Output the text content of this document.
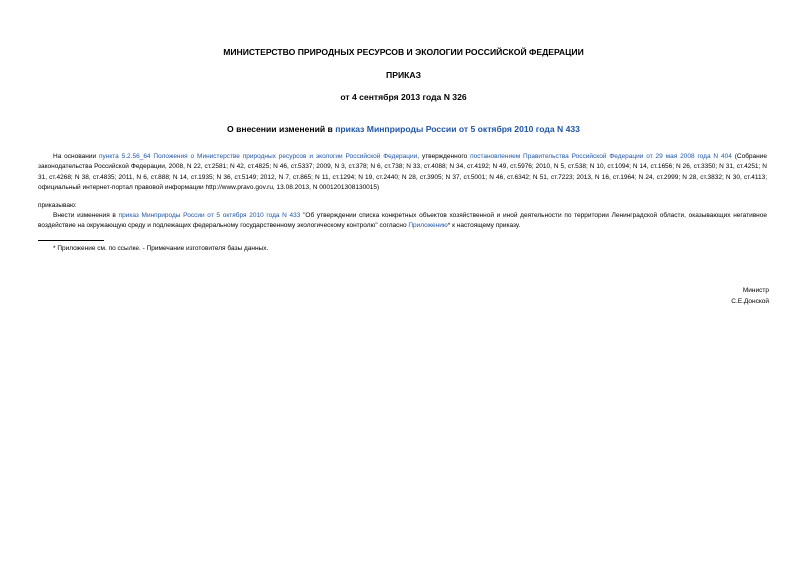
МИНИСТЕРСТВО ПРИРОДНЫХ РЕСУРСОВ И ЭКОЛОГИИ РОССИЙСКОЙ ФЕДЕРАЦИИ
ПРИКАЗ
от 4 сентября 2013 года N 326
О внесении изменений в приказ Минприроды России от 5 октября 2010 года N 433

На основании пункта 5.2.56_64 Положения о Министерстве природных ресурсов и экологии Российской Федерации, утвержденного постановлением Правительства Российской Федерации от 29 мая 2008 года N 404 (Собрание законодательства Российской Федерации, 2008, N 22, ст.2581; N 42, ст.4825; N 46, ст.5337; 2009, N 3, ст.378; N 6, ст.738; N 33, ст.4088; N 34, ст.4192; N 49, ст.5976; 2010, N 5, ст.538; N 10, ст.1094; N 14, ст.1656; N 26, ст.3350; N 31, ст.4251; N 31, ст.4268; N 38, ст.4835; 2011, N 6, ст.888; N 14, ст.1935; N 36, ст.5149; 2012, N 7, ст.865; N 11, ст.1294; N 19, ст.2440; N 28, ст.3905; N 37, ст.5001; N 46, ст.6342; N 51, ст.7223; 2013, N 16, ст.1964; N 24, ст.2999; N 28, ст.3832; N 30, ст.4113; официальный интернет-портал правовой информации http://www.pravo.gov.ru, 13.08.2013, N 0001201308130015)

приказываю:

Внести изменения в приказ Минприроды России от 5 октября 2010 года N 433 "Об утверждении списка конкретных объектов хозяйственной и иной деятельности по территории Ленинградской области, оказывающих негативное воздействие на окружающую среду и подлежащих федеральному государственному экологическому контролю" согласно Приложению* к настоящему приказу.

* Приложение см. по ссылке. - Примечание изготовителя базы данных.
Министр
С.Е.Донской
